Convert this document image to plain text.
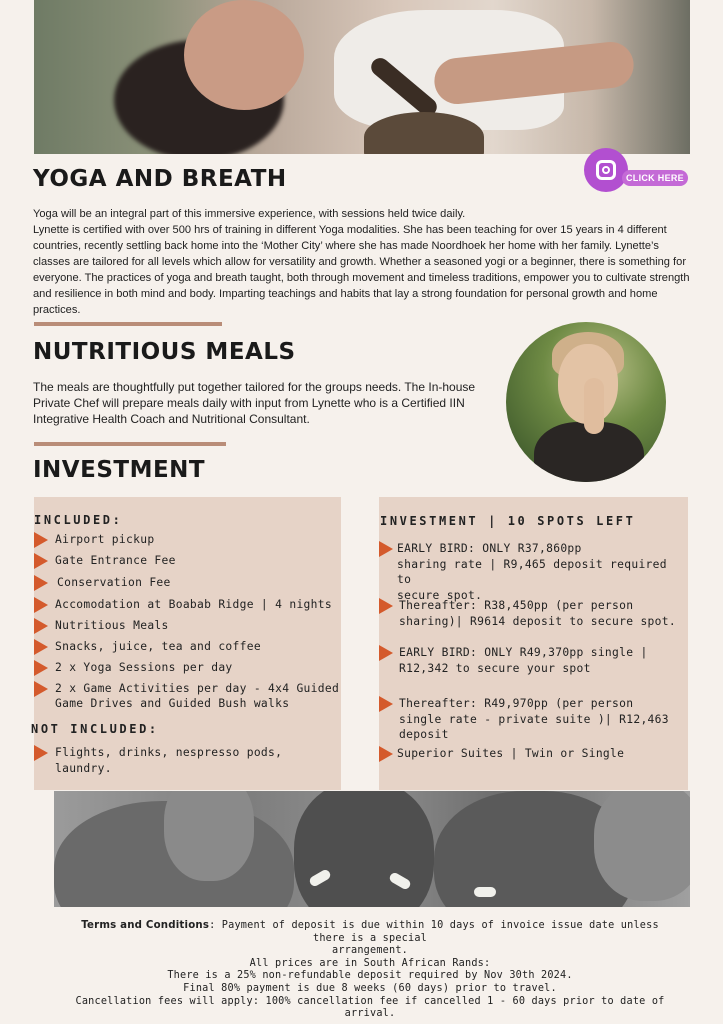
CLICK HERE
YOGA AND BREATH
Yoga will be an integral part of this immersive experience, with sessions held twice daily.
Lynette is certified with over 500 hrs of training in different Yoga modalities. She has been teaching for over 15 years in 4 different
countries, recently settling back home into the ‘Mother City’ where she has made Noordhoek her home with her family. Lynette’s
classes are tailored for all levels which allow for versatility and growth. Whether a seasoned yogi or a beginner, there is something for
everyone. The practices of yoga and breath taught, both through movement and timeless traditions, empower you to cultivate strength
and resilience in both mind and body. Imparting teachings and habits that lay a strong foundation for personal growth and home
practices.
NUTRITIOUS MEALS
The meals are thoughtfully put together tailored for the groups needs. The In-house
Private Chef will prepare meals daily with input from Lynette who is a Certified IIN
Integrative Health Coach and Nutritional Consultant.
INVESTMENT
INCLUDED:
Airport pickup
Gate Entrance Fee
Conservation Fee
Accomodation at Boabab Ridge | 4 nights
Nutritious Meals
Snacks, juice, tea and coffee
2 x Yoga Sessions per day
2 x Game Activities per day - 4x4 Guided
Game Drives and Guided Bush walks
NOT INCLUDED:
Flights, drinks, nespresso pods, laundry.
INVESTMENT | 10 SPOTS LEFT
EARLY BIRD: ONLY R37,860pp
sharing rate | R9,465 deposit required to
secure spot.
Thereafter: R38,450pp (per person
sharing)| R9614 deposit to secure spot.
EARLY BIRD: ONLY R49,370pp single |
R12,342 to secure your spot
Thereafter: R49,970pp (per person
single rate - private suite )| R12,463 deposit
Superior Suites | Twin or Single
Terms and Conditions: Payment of deposit is due within 10 days of invoice issue date unless there is a special
arrangement.
All prices are in South African Rands:
There is a 25% non-refundable deposit required by Nov 30th 2024.
Final 80% payment is due 8 weeks (60 days) prior to travel.
Cancellation fees will apply: 100% cancellation fee if cancelled 1 - 60 days prior to date of arrival.
